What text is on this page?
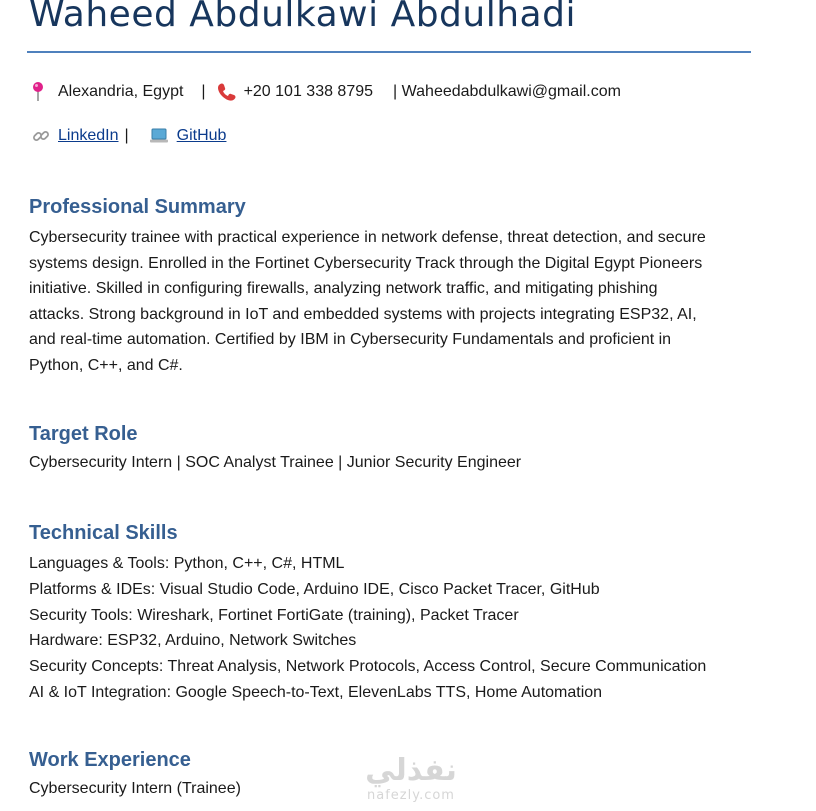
Waheed Abdulkawi Abdulhadi
Alexandria, Egypt | +20 101 338 8795 | Waheedabdulkawi@gmail.com
LinkedIn |	GitHub
Professional Summary
Cybersecurity trainee with practical experience in network defense, threat detection, and secure
systems design. Enrolled in the Fortinet Cybersecurity Track through the Digital Egypt Pioneers
initiative. Skilled in configuring firewalls, analyzing network traffic, and mitigating phishing
attacks. Strong background in IoT and embedded systems with projects integrating ESP32, AI,
and real-time automation. Certified by IBM in Cybersecurity Fundamentals and proficient in
Python, C++, and C#.
Target Role
Cybersecurity Intern | SOC Analyst Trainee | Junior Security Engineer
Technical Skills
Languages & Tools: Python, C++, C#, HTML
Platforms & IDEs: Visual Studio Code, Arduino IDE, Cisco Packet Tracer, GitHub
Security Tools: Wireshark, Fortinet FortiGate (training), Packet Tracer
Hardware: ESP32, Arduino, Network Switches
Security Concepts: Threat Analysis, Network Protocols, Access Control, Secure Communication
AI & IoT Integration: Google Speech-to-Text, ElevenLabs TTS, Home Automation
Work Experience
Cybersecurity Intern (Trainee)
نفذلي
nafezly.com
